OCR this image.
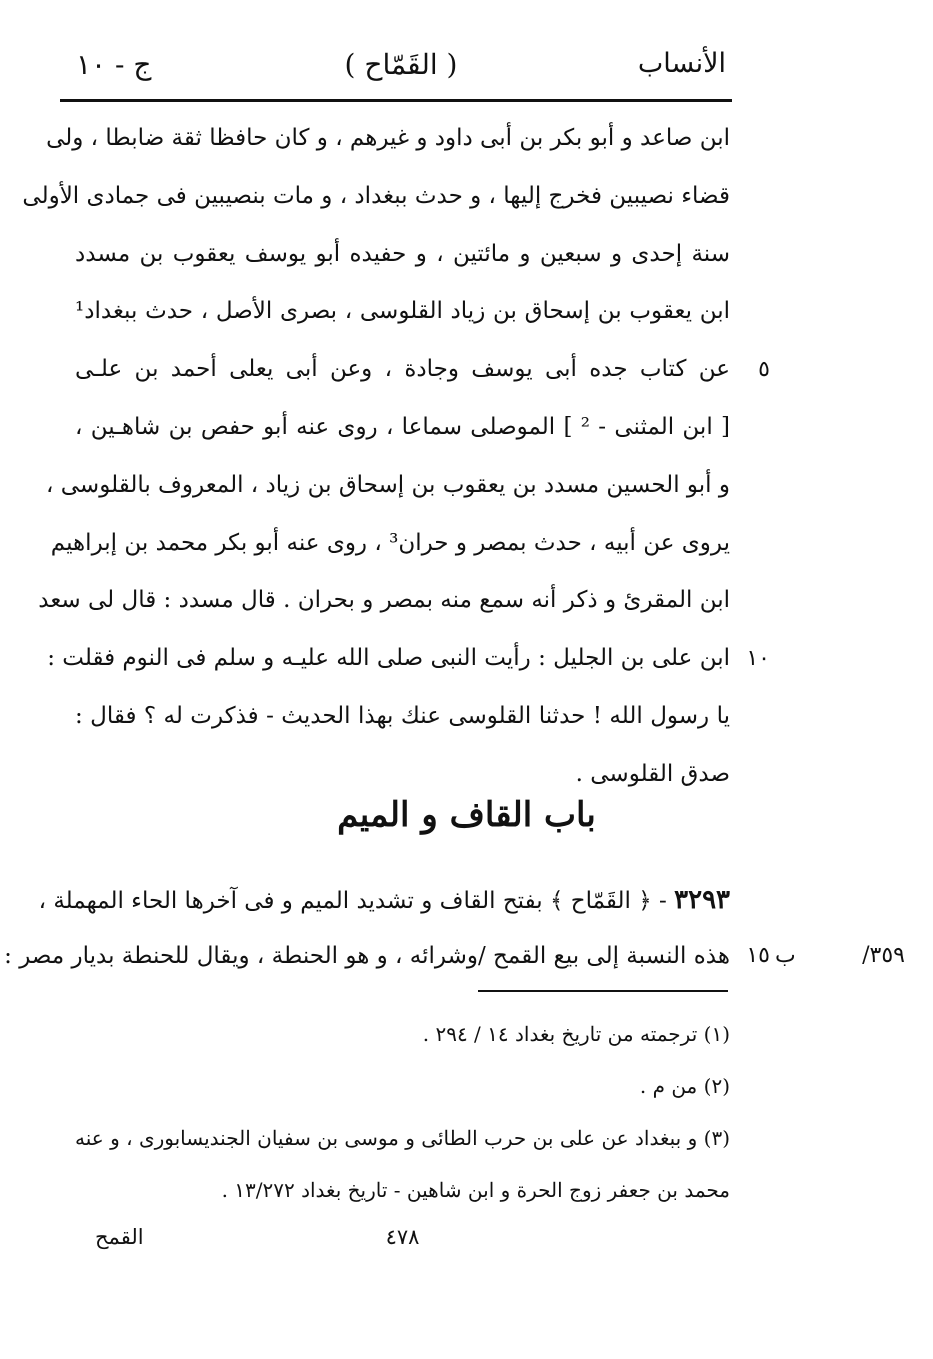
الأنساب
( القَمّاح )
ج - ١٠
ابن صاعد و أبو بكر بن أبى داود و غيرهم ، و كان حافظا ثقة ضابطا ، ولى
قضاء نصيبين فخرج إليها ، و حدث ببغداد ، و مات بنصيبين فى جمادى الأولى
سنة إحدى و سبعين و مائتين ، و حفيده أبو يوسف يعقوب بن مسدد
ابن يعقوب بن إسحاق بن زياد القلوسى ، بصرى الأصل ، حدث ببغداد¹
٥
عن كتاب جده أبى يوسف وجادة ، وعن أبى يعلى أحمد بن علـى
[ ابن المثنى - ² ] الموصلى سماعا ، روى عنه أبو حفص بن شاهـين ،
و أبو الحسين مسدد بن يعقوب بن إسحاق بن زياد ، المعروف بالقلوسى ،
يروى عن أبيه ، حدث بمصر و حران³ ، روى عنه أبو بكر محمد بن إبراهيم
ابن المقرئ و ذكر أنه سمع منه بمصر و بحران . قال مسدد : قال لى سعد
١٠
ابن على بن الجليل : رأيت النبى صلى الله عليـه و سلم فى النوم فقلت :
يا رسول الله ! حدثنا القلوسى عنك بهذا الحديث - فذكرت له ؟ فقال :
صدق القلوسى .
باب القاف و الميم
٣٢٩٣ - ﴿ القَمّاح ﴾ بفتح القاف و تشديد الميم و فى آخرها الحاء المهملة ،
٣٥٩/ ب
١٥
هذه النسبة إلى بيع القمح /وشرائه ، و هو الحنطة ، ويقال للحنطة بديار مصر :
(١) ترجمته من تاريخ بغداد ١٤ / ٢٩٤ .
(٢) من م .
(٣) و ببغداد عن على بن حرب الطائى و موسى بن سفيان الجنديسابورى ، و عنه
محمد بن جعفر زوج الحرة و ابن شاهين - تاريخ بغداد ١٣/٢٧٢ .
٤٧٨
القمح
